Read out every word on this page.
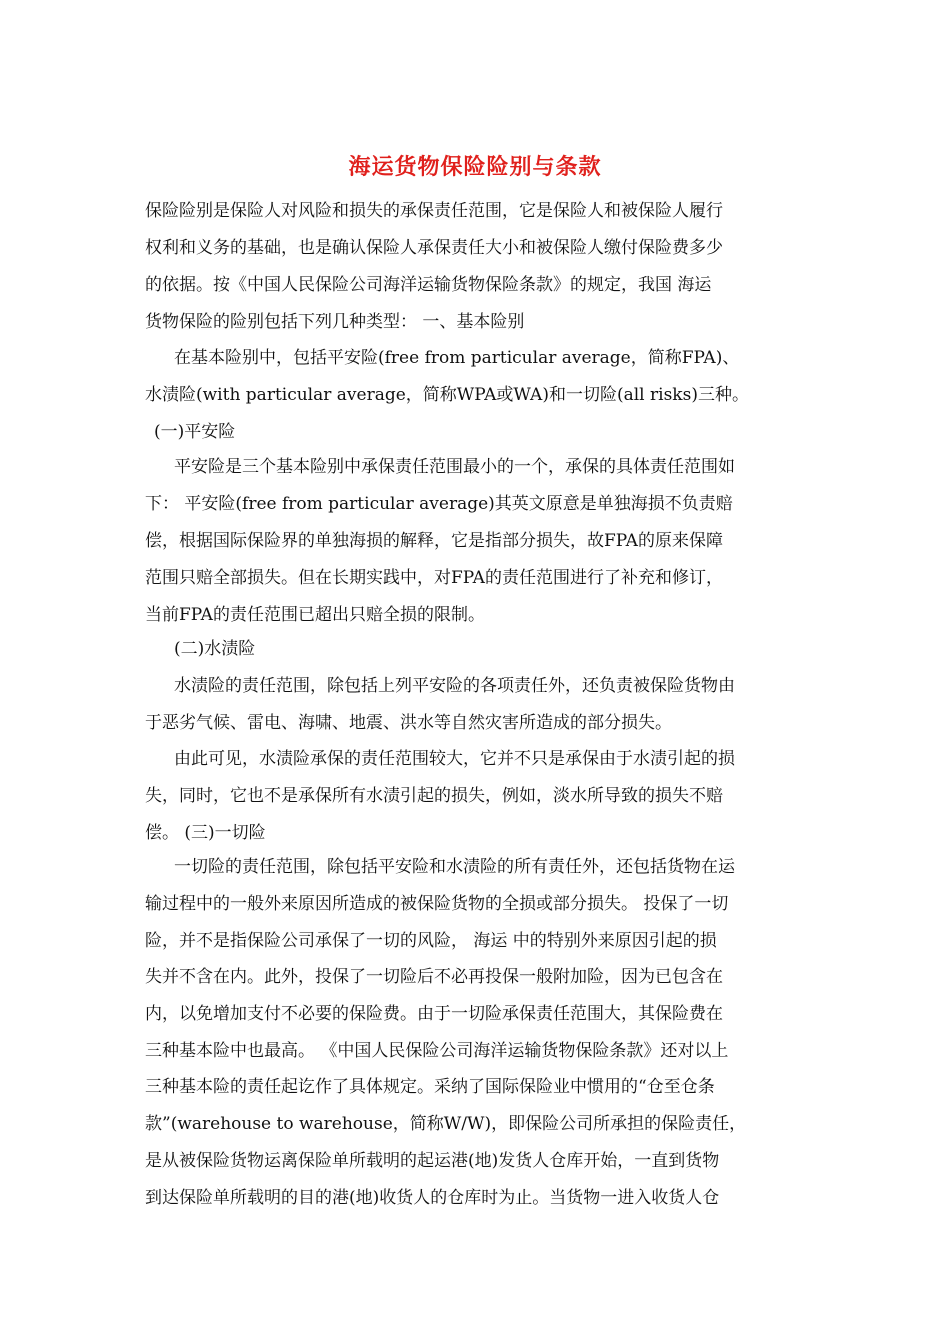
海运货物保险险别与条款
保险险别是保险人对风险和损失的承保责任范围，它是保险人和被保险人履行
权利和义务的基础，也是确认保险人承保责任大小和被保险人缴付保险费多少
的依据。按《中国人民保险公司海洋运输货物保险条款》的规定，我国 海运
货物保险的险别包括下列几种类型： 一、基本险别
在基本险别中，包括平安险(free from particular average，简称FPA)、
水渍险(with particular average，简称WPA或WA)和一切险(all risks)三种。
(一)平安险
平安险是三个基本险别中承保责任范围最小的一个，承保的具体责任范围如
下： 平安险(free from particular average)其英文原意是单独海损不负责赔
偿，根据国际保险界的单独海损的解释，它是指部分损失，故FPA的原来保障
范围只赔全部损失。但在长期实践中，对FPA的责任范围进行了补充和修订，
当前FPA的责任范围已超出只赔全损的限制。
(二)水渍险
水渍险的责任范围，除包括上列平安险的各项责任外，还负责被保险货物由
于恶劣气候、雷电、海啸、地震、洪水等自然灾害所造成的部分损失。
由此可见，水渍险承保的责任范围较大，它并不只是承保由于水渍引起的损
失，同时，它也不是承保所有水渍引起的损失，例如，淡水所导致的损失不赔
偿。 (三)一切险
一切险的责任范围，除包括平安险和水渍险的所有责任外，还包括货物在运
输过程中的一般外来原因所造成的被保险货物的全损或部分损失。 投保了一切
险，并不是指保险公司承保了一切的风险， 海运 中的特别外来原因引起的损
失并不含在内。此外，投保了一切险后不必再投保一般附加险，因为已包含在
内，以免增加支付不必要的保险费。由于一切险承保责任范围大，其保险费在
三种基本险中也最高。 《中国人民保险公司海洋运输货物保险条款》还对以上
三种基本险的责任起讫作了具体规定。采纳了国际保险业中惯用的“仓至仓条
款”(warehouse to warehouse，简称W/W)，即保险公司所承担的保险责任，
是从被保险货物运离保险单所载明的起运港(地)发货人仓库开始，一直到货物
到达保险单所载明的目的港(地)收货人的仓库时为止。当货物一进入收货人仓
